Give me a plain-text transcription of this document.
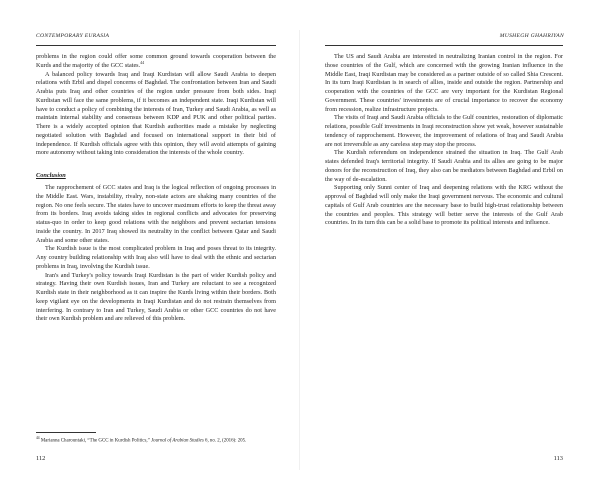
CONTEMPORARY EURASIA

problems in the region could offer some common ground towards cooperation between the Kurds and the majority of the GCC states.$^{44}$

A balanced policy towards Iraq and Iraqi Kurdistan will allow Saudi Arabia to deepen relations with Erbil and dispel concerns of Baghdad. The confrontation between Iran and Saudi Arabia puts Iraq and other countries of the region under pressure from both sides. Iraqi Kurdistan will face the same problems, if it becomes an independent state. Iraqi Kurdistan will have to conduct a policy of combining the interests of Iran, Turkey and Saudi Arabia, as well as maintain internal stability and consensus between KDP and PUK and other political parties. There is a widely accepted opinion that Kurdish authorities made a mistake by neglecting negotiated solution with Baghdad and focused on international support in their bid of independence. If Kurdish officials agree with this opinion, they will avoid attempts of gaining more autonomy without taking into consideration the interests of the whole country.

Conclusion

The rapprochement of GCC states and Iraq is the logical reflection of ongoing processes in the Middle East. Wars, instability, rivalry, non-state actors are shaking many countries of the region. No one feels secure. The states have to uncover maximum efforts to keep the threat away from its borders. Iraq avoids taking sides in regional conflicts and advocates for preserving status-quo in order to keep good relations with the neighbors and prevent sectarian tensions inside the country. In 2017 Iraq showed its neutrality in the conflict between Qatar and Saudi Arabia and some other states.

The Kurdish issue is the most complicated problem in Iraq and poses threat to its integrity. Any country building relationship with Iraq also will have to deal with the ethnic and sectarian problems in Iraq, involving the Kurdish issue.

Iran's and Turkey's policy towards Iraqi Kurdistan is the part of wider Kurdish policy and strategy. Having their own Kurdish issues, Iran and Turkey are reluctant to see a recognized Kurdish state in their neighborhood as it can inspire the Kurds living within their borders. Both keep vigilant eye on the developments in Iraqi Kurdistan and do not restrain themselves from interfering. In contrary to Iran and Turkey, Saudi Arabia or other GCC countries do not have their own Kurdish problem and are relieved of this problem.

$^{44}$ Marianna Charountaki, “The GCC in Kurdish Politics,” Journal of Arabian Studies 6, no. 2, (2016): 205.
112
MUSHEGH GHAHRIYAN

The US and Saudi Arabia are interested in neutralizing Iranian control in the region. For those countries of the Gulf, which are concerned with the growing Iranian influence in the Middle East, Iraqi Kurdistan may be considered as a partner outside of so called Shia Crescent. In its turn Iraqi Kurdistan is in search of allies, inside and outside the region. Partnership and cooperation with the countries of the GCC are very important for the Kurdistan Regional Government. These countries' investments are of crucial importance to recover the economy from recession, realize infrastructure projects.

The visits of Iraqi and Saudi Arabia officials to the Gulf countries, restoration of diplomatic relations, possible Gulf investments in Iraqi reconstruction show yet weak, however sustainable tendency of rapprochement. However, the improvement of relations of Iraq and Saudi Arabia are not irreversible as any careless step may stop the process.

The Kurdish referendum on independence strained the situation in Iraq. The Gulf Arab states defended Iraq's territorial integrity. If Saudi Arabia and its allies are going to be major donors for the reconstruction of Iraq, they also can be mediators between Baghdad and Erbil on the way of de-escalation.

Supporting only Sunni center of Iraq and deepening relations with the KRG without the approval of Baghdad will only make the Iraqi government nervous. The economic and cultural capitals of Gulf Arab countries are the necessary base to build high-trust relationship between the countries and peoples. This strategy will better serve the interests of the Gulf Arab countries. In its turn this can be a solid base to promote its political interests and influence.

113
